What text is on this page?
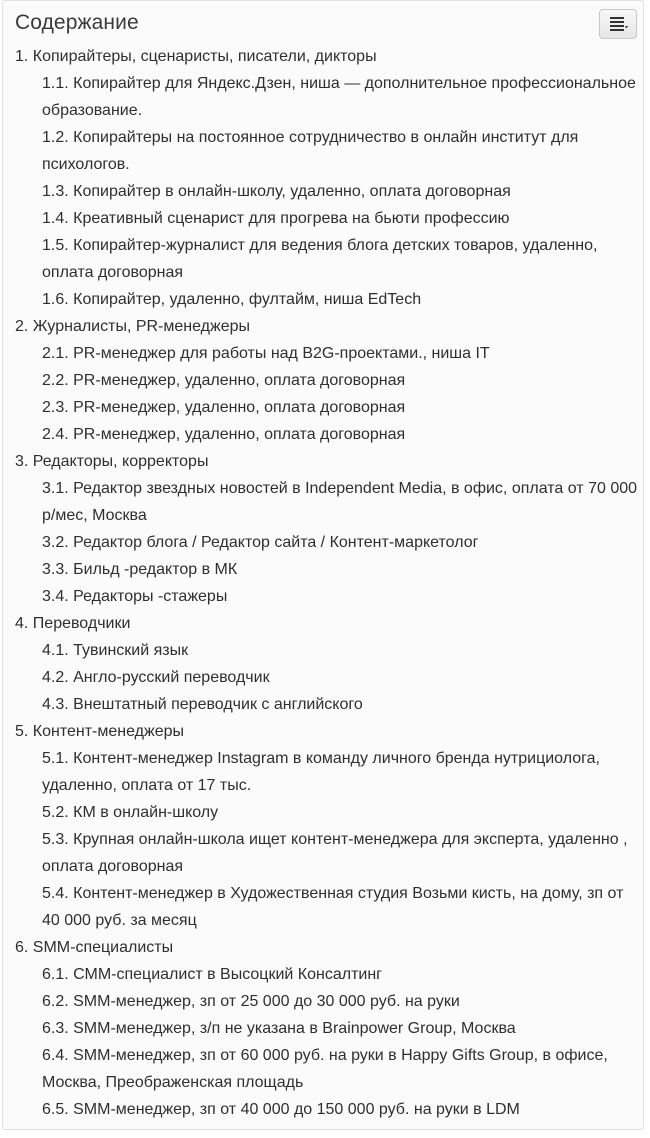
Содержание
1. Копирайтеры, сценаристы, писатели, дикторы
1.1. Копирайтер для Яндекс.Дзен, ниша — дополнительное профессиональное образование.
1.2. Копирайтеры на постоянное сотрудничество в онлайн институт для психологов.
1.3. Копирайтер в онлайн-школу, удаленно, оплата договорная
1.4. Креативный сценарист для прогрева на бьюти профессию
1.5. Копирайтер-журналист для ведения блога детских товаров, удаленно, оплата договорная
1.6. Копирайтер, удаленно, фултайм, ниша EdTech
2. Журналисты, PR-менеджеры
2.1. PR-менеджер для работы над B2G-проектами., ниша IT
2.2. PR-менеджер, удаленно, оплата договорная
2.3. PR-менеджер, удаленно, оплата договорная
2.4. PR-менеджер, удаленно, оплата договорная
3. Редакторы, корректоры
3.1. Редактор звездных новостей в Independent Media, в офис, оплата от 70 000 р/мес, Москва
3.2. Редактор блога / Редактор сайта / Контент-маркетолог
3.3. Бильд -редактор в МК
3.4. Редакторы -стажеры
4. Переводчики
4.1. Тувинский язык
4.2. Англо-русский переводчик
4.3. Внештатный переводчик с английского
5. Контент-менеджеры
5.1. Контент-менеджер Instagram в команду личного бренда нутрициолога, удаленно, оплата от 17 тыс.
5.2. КМ в онлайн-школу
5.3. Крупная онлайн-школа ищет контент-менеджера для эксперта, удаленно , оплата договорная
5.4. Контент-менеджер в Художественная студия Возьми кисть, на дому, зп от 40 000 руб. за месяц
6. SMM-специалисты
6.1. СММ-специалист в Высоцкий Консалтинг
6.2. SMM-менеджер, зп от 25 000 до 30 000 руб. на руки
6.3. SMM-менеджер, з/п не указана в Brainpower Group, Москва
6.4. SMM-менеджер, зп от 60 000 руб. на руки в Happy Gifts Group, в офисе, Москва, Преображенская площадь
6.5. SMM-менеджер, зп от 40 000 до 150 000 руб. на руки в LDM
